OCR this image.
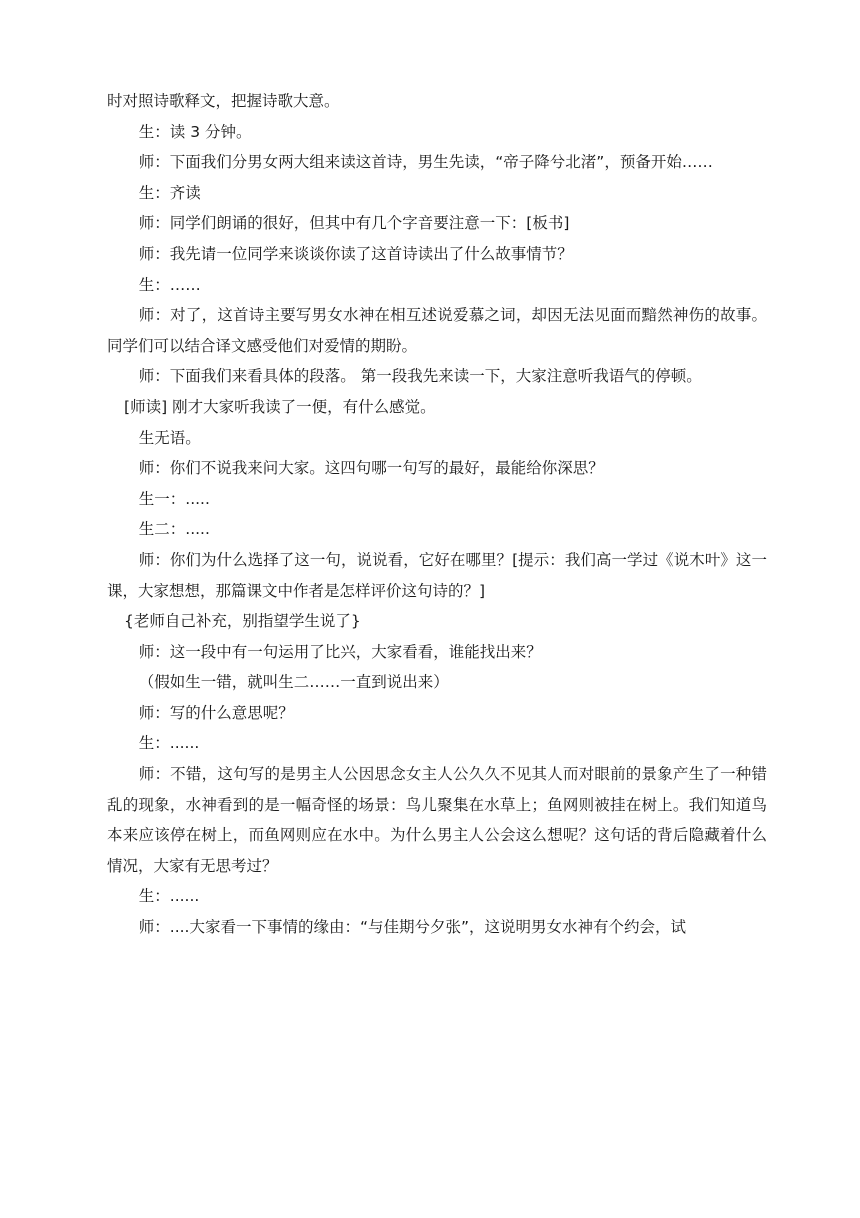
时对照诗歌释文，把握诗歌大意。

生：读 3 分钟。

师：下面我们分男女两大组来读这首诗，男生先读，“帝子降兮北渚”，预备开始……

生：齐读

师：同学们朗诵的很好，但其中有几个字音要注意一下：[板书]

师：我先请一位同学来谈谈你读了这首诗读出了什么故事情节？

生：……

师：对了，这首诗主要写男女水神在相互述说爱慕之词，却因无法见面而黯然神伤的故事。同学们可以结合译文感受他们对爱情的期盼。

师：下面我们来看具体的段落。 第一段我先来读一下，大家注意听我语气的停顿。

[师读] 刚才大家听我读了一便，有什么感觉。

生无语。

师：你们不说我来问大家。这四句哪一句写的最好，最能给你深思？

生一：.....

生二：.....

师：你们为什么选择了这一句，说说看，它好在哪里？[提示：我们高一学过《说木叶》这一课，大家想想，那篇课文中作者是怎样评价这句诗的？]

{老师自己补充，别指望学生说了}

师：这一段中有一句运用了比兴，大家看看，谁能找出来？

（假如生一错，就叫生二……一直到说出来）

师：写的什么意思呢？

生：......

师：不错，这句写的是男主人公因思念女主人公久久不见其人而对眼前的景象产生了一种错乱的现象，水神看到的是一幅奇怪的场景：鸟儿聚集在水草上；鱼网则被挂在树上。我们知道鸟本来应该停在树上，而鱼网则应在水中。为什么男主人公会这么想呢？这句话的背后隐藏着什么情况，大家有无思考过？

生：......

师：....大家看一下事情的缘由：“与佳期兮夕张”，这说明男女水神有个约会，试
